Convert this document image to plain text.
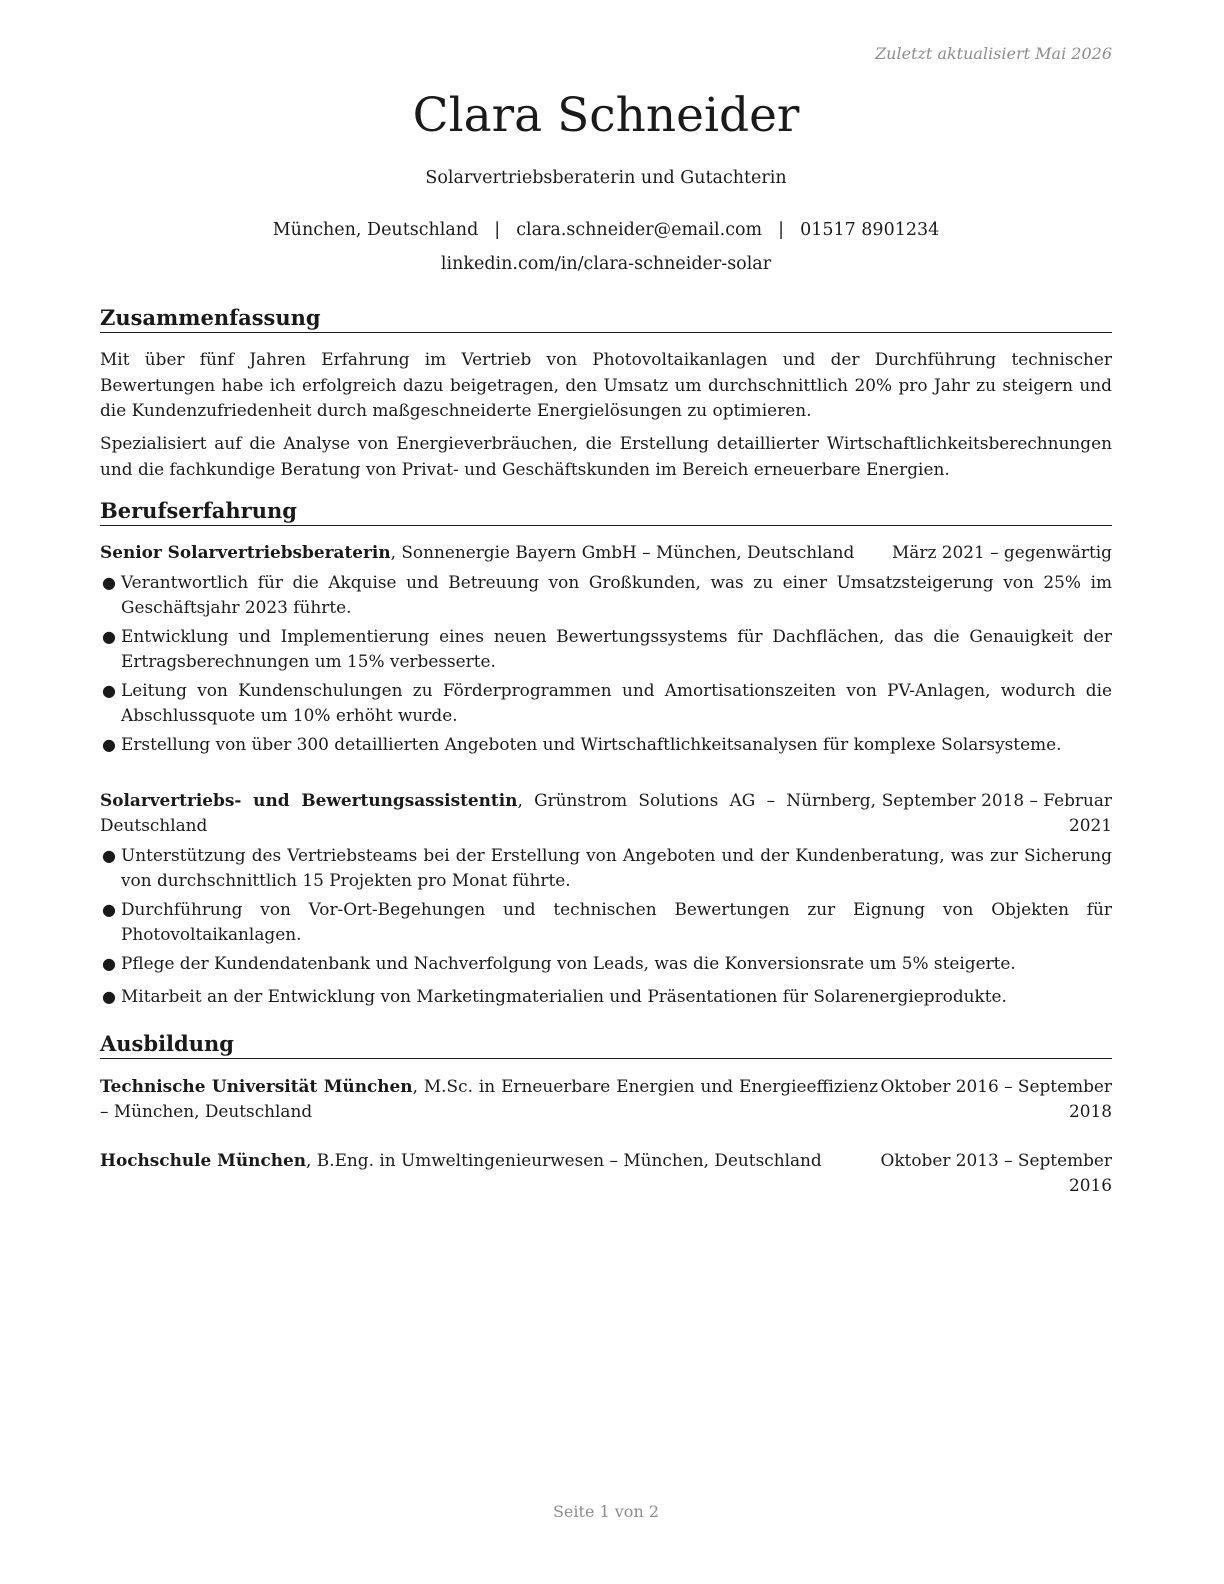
Zuletzt aktualisiert Mai 2026
Clara Schneider
Solarvertriebsberaterin und Gutachterin
München, Deutschland | clara.schneider@email.com | 01517 8901234
linkedin.com/in/clara-schneider-solar
Zusammenfassung
Mit über fünf Jahren Erfahrung im Vertrieb von Photovoltaikanlagen und der Durchführung technischer Bewertungen habe ich erfolgreich dazu beigetragen, den Umsatz um durchschnittlich 20% pro Jahr zu steigern und die Kundenzufriedenheit durch maßgeschneiderte Energielösungen zu optimieren.
Spezialisiert auf die Analyse von Energieverbräuchen, die Erstellung detaillierter Wirtschaftlichkeitsberechnungen und die fachkundige Beratung von Privat- und Geschäftskunden im Bereich erneuerbare Energien.
Berufserfahrung
Senior Solarvertriebsberaterin, Sonnenergie Bayern GmbH – München, Deutschland	März 2021 – gegenwärtig
● Verantwortlich für die Akquise und Betreuung von Großkunden, was zu einer Umsatzsteigerung von 25% im Geschäftsjahr 2023 führte.
● Entwicklung und Implementierung eines neuen Bewertungssystems für Dachflächen, das die Genauigkeit der Ertragsberechnungen um 15% verbesserte.
● Leitung von Kundenschulungen zu Förderprogrammen und Amortisationszeiten von PV-Anlagen, wodurch die Abschlussquote um 10% erhöht wurde.
● Erstellung von über 300 detaillierten Angeboten und Wirtschaftlichkeitsanalysen für komplexe Solarsysteme.
Solarvertriebs- und Bewertungsassistentin, Grünstrom Solutions AG – Nürnberg, Deutschland
September 2018 – Februar 2021
● Unterstützung des Vertriebsteams bei der Erstellung von Angeboten und der Kundenberatung, was zur Sicherung von durchschnittlich 15 Projekten pro Monat führte.
● Durchführung von Vor-Ort-Begehungen und technischen Bewertungen zur Eignung von Objekten für Photovoltaikanlagen.
● Pflege der Kundendatenbank und Nachverfolgung von Leads, was die Konversionsrate um 5% steigerte.
● Mitarbeit an der Entwicklung von Marketingmaterialien und Präsentationen für Solarenergieprodukte.
Ausbildung
Technische Universität München, M.Sc. in Erneuerbare Energien und Energieeffizienz – München, Deutschland
Oktober 2016 – September 2018
Hochschule München, B.Eng. in Umweltingenieurwesen – München, Deutschland	Oktober 2013 – September 2016
Seite 1 von 2
